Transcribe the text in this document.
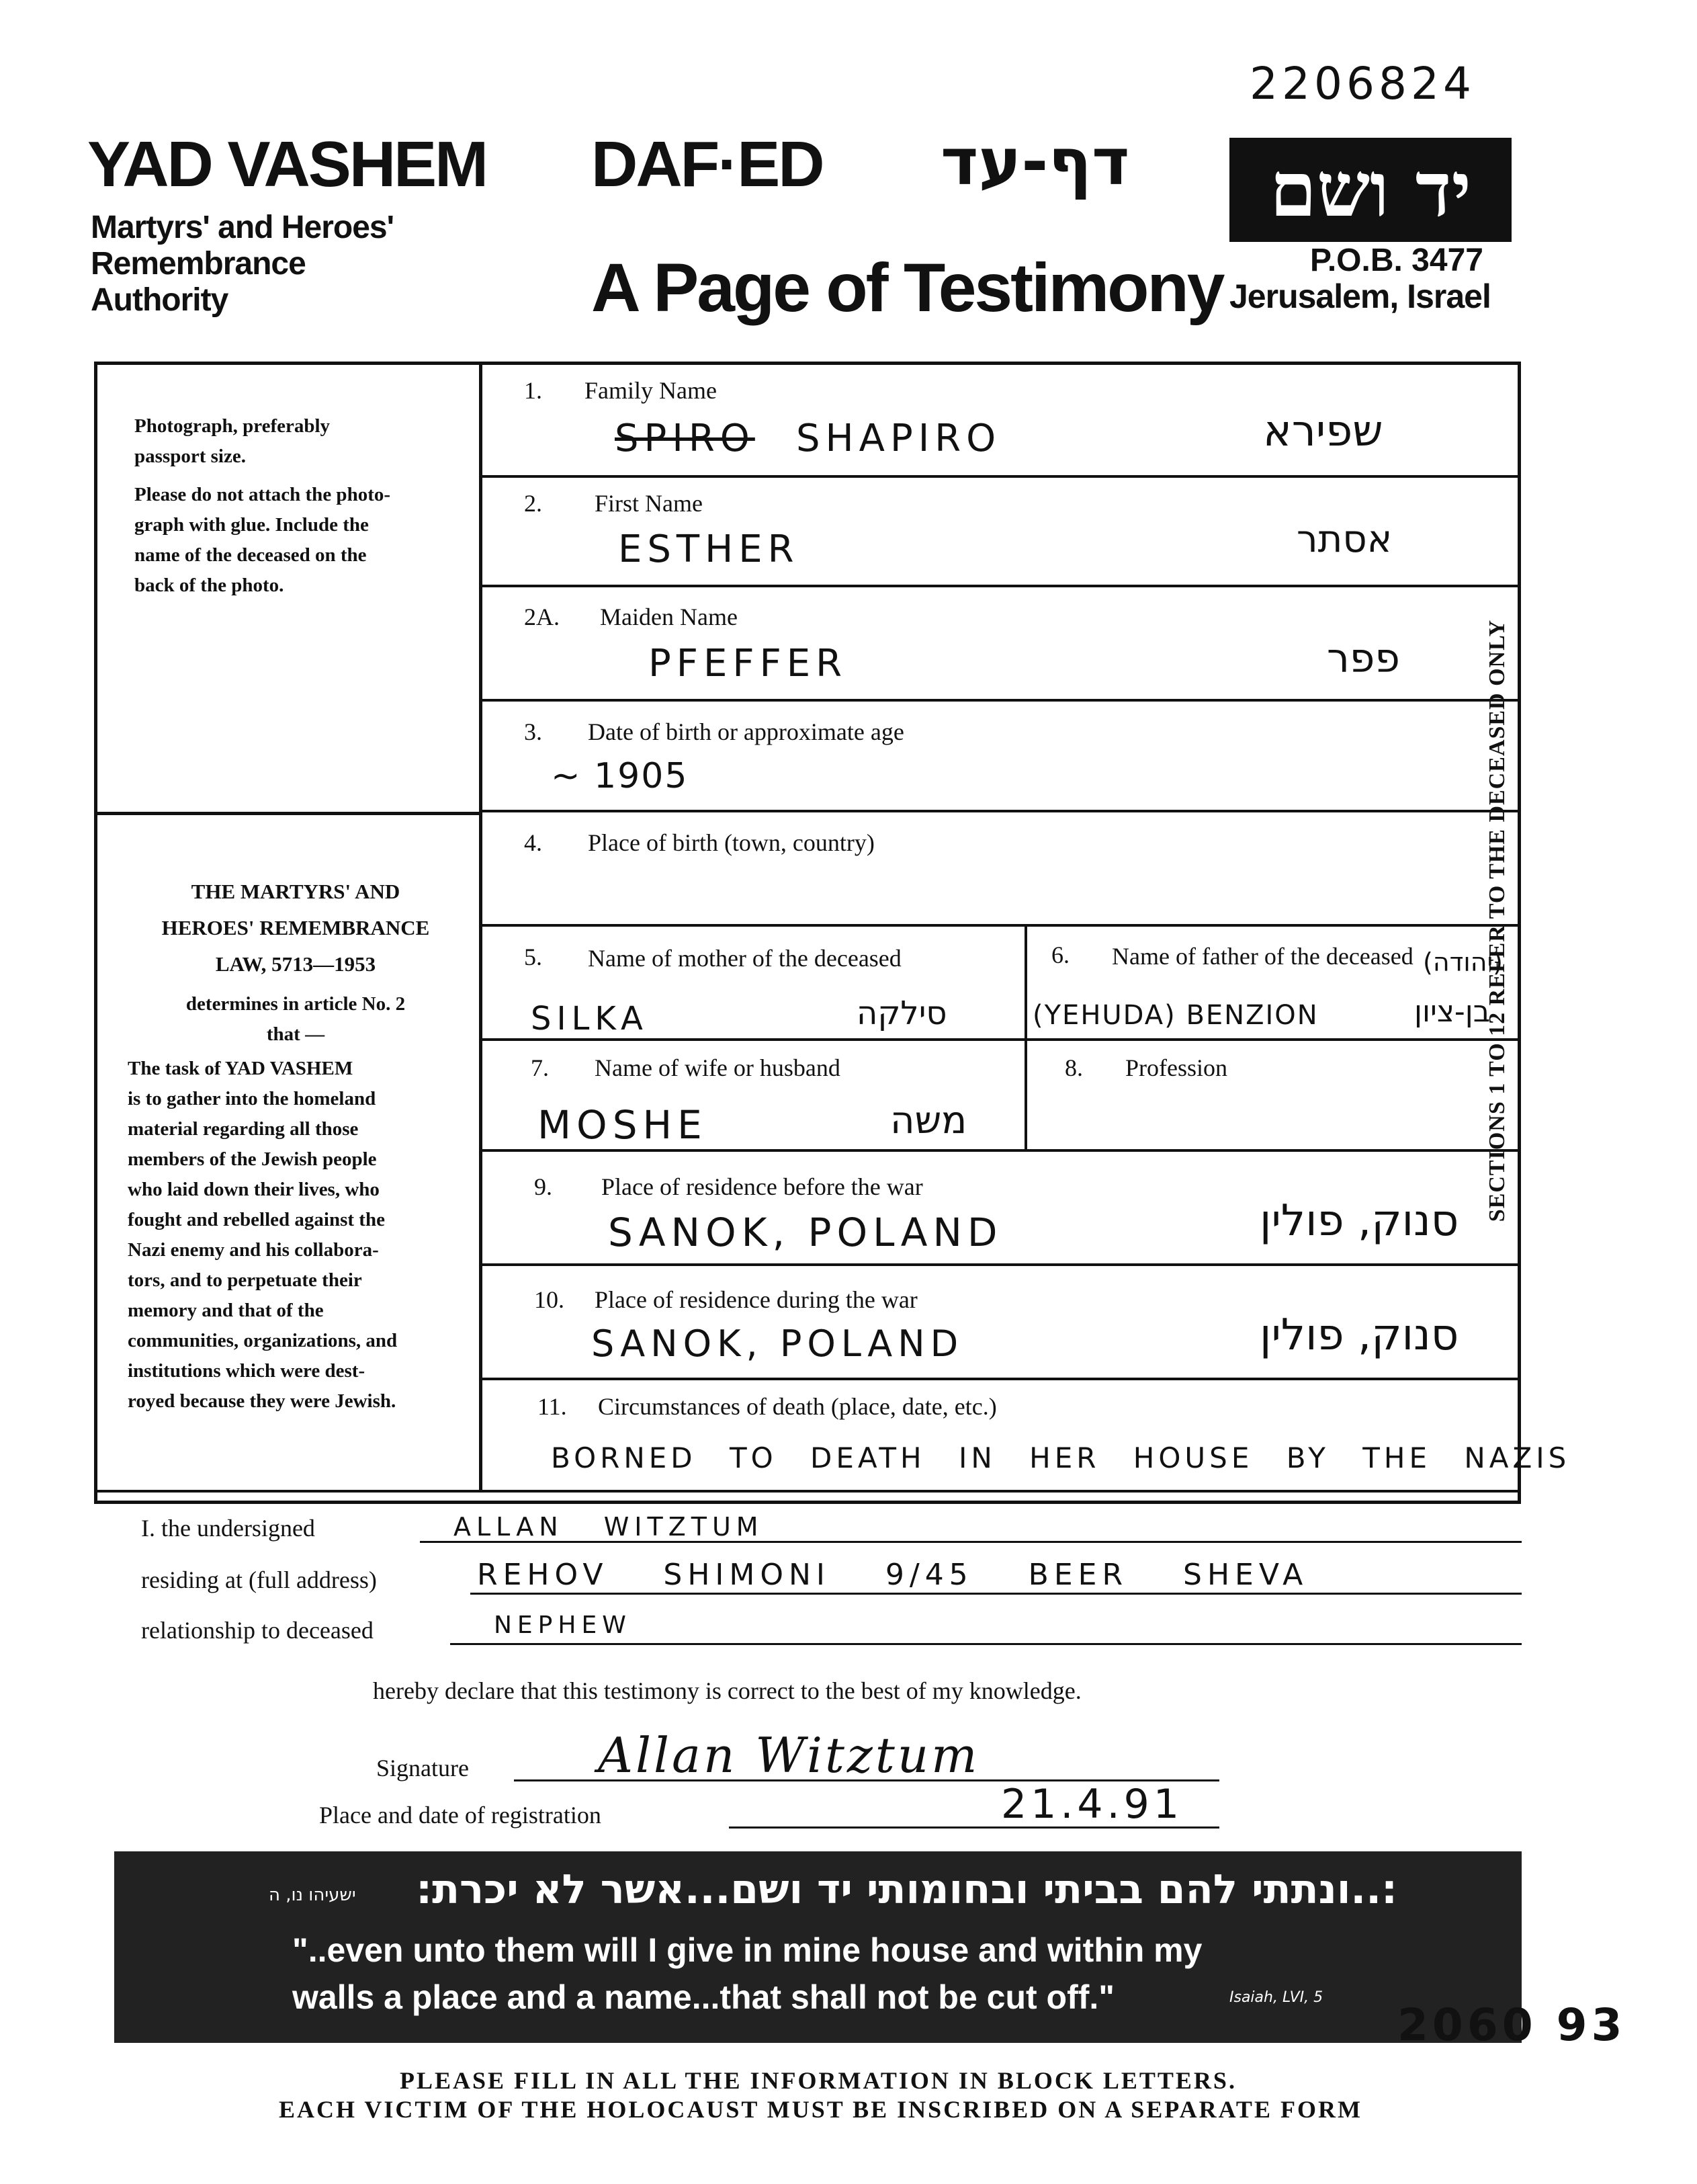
2206824
YAD VASHEM
Martyrs' and Heroes'
Remembrance
Authority
DAF·ED דף-עד
A Page of Testimony
יד ושם
P.O.B. 3477
Jerusalem, Israel
Photograph, preferably
passport size.
Please do not attach the photo-
graph with glue. Include the
name of the deceased on the
back of the photo.
THE MARTYRS' AND
HEROES' REMEMBRANCE
LAW, 5713—1953
determines in article No. 2
that —
The task of YAD VASHEM
is to gather into the homeland
material regarding all those
members of the Jewish people
who laid down their lives, who
fought and rebelled against the
Nazi enemy and his collabora-
tors, and to perpetuate their
memory and that of the
communities, organizations, and
institutions which were dest-
royed because they were Jewish.
1. Family Name
SPIRO SHAPIRO	שפירא
2. First Name
ESTHER	אסתר
2A. Maiden Name
PFEFFER	פפר
3. Date of birth or approximate age
~ 1905
4. Place of birth (town, country)
5. Name of mother of the deceased
SILKA	סילקה
6. Name of father of the deceased
(YEHUDA) BENZION
(יהודה)
בן-ציון
7. Name of wife or husband
MOSHE	משה
8. Profession
9. Place of residence before the war
SANOK, POLAND	סנוק, פולין
10. Place of residence during the war
SANOK, POLAND	סנוק, פולין
11. Circumstances of death (place, date, etc.)
BORNED TO DEATH IN HER HOUSE BY THE NAZIS
SECTIONS 1 TO 12 REFER TO THE DECEASED ONLY
I. the undersigned	ALLAN WITZTUM
residing at (full address)	REHOV SHIMONI 9/45 BEER SHEVA
relationship to deceased	NEPHEW
hereby declare that this testimony is correct to the best of my knowledge.
Signature	Allan Witztum
Place and date of registration	21.4.91
ישעיהו נו, ה :..ונתתי להם בביתי ובחומותי יד ושם...אשר לא יכרת:
"..even unto them will I give in mine house and within my
walls a place and a name...that shall not be cut off."	Isaiah, LVI, 5
2060 93
PLEASE FILL IN ALL THE INFORMATION IN BLOCK LETTERS.
EACH VICTIM OF THE HOLOCAUST MUST BE INSCRIBED ON A SEPARATE FORM
